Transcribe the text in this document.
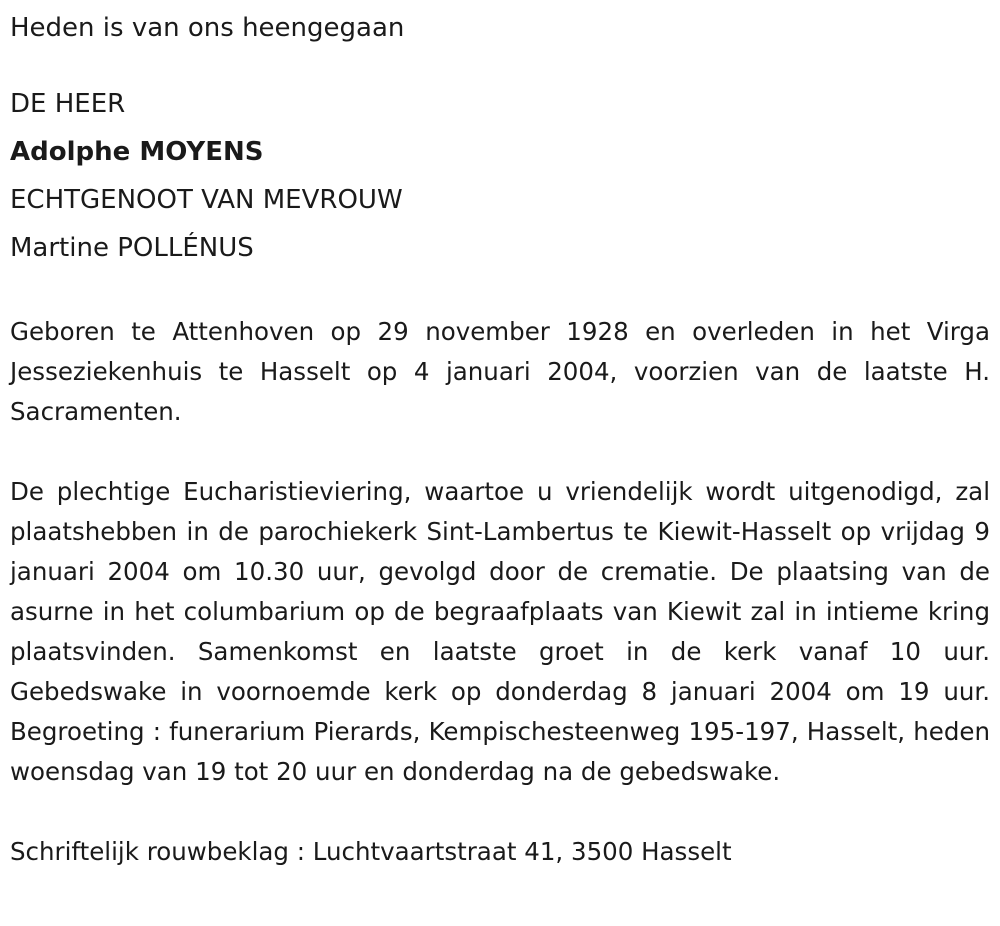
Heden is van ons heengegaan

DE HEER

Adolphe MOYENS

ECHTGENOOT VAN MEVROUW

Martine POLLÉNUS

Geboren te Attenhoven op 29 november 1928 en overleden in het Virga Jesseziekenhuis te Hasselt op 4 januari 2004, voorzien van de laatste H. Sacramenten.

De plechtige Eucharistieviering, waartoe u vriendelijk wordt uitgenodigd, zal plaatshebben in de parochiekerk Sint-Lambertus te Kiewit-Hasselt op vrijdag 9 januari 2004 om 10.30 uur, gevolgd door de crematie. De plaatsing van de asurne in het columbarium op de begraafplaats van Kiewit zal in intieme kring plaatsvinden. Samenkomst en laatste groet in de kerk vanaf 10 uur. Gebedswake in voornoemde kerk op donderdag 8 januari 2004 om 19 uur. Begroeting : funerarium Pierards, Kempischesteenweg 195-197, Hasselt, heden woensdag van 19 tot 20 uur en donderdag na de gebedswake.

Schriftelijk rouwbeklag : Luchtvaartstraat 41, 3500 Hasselt
